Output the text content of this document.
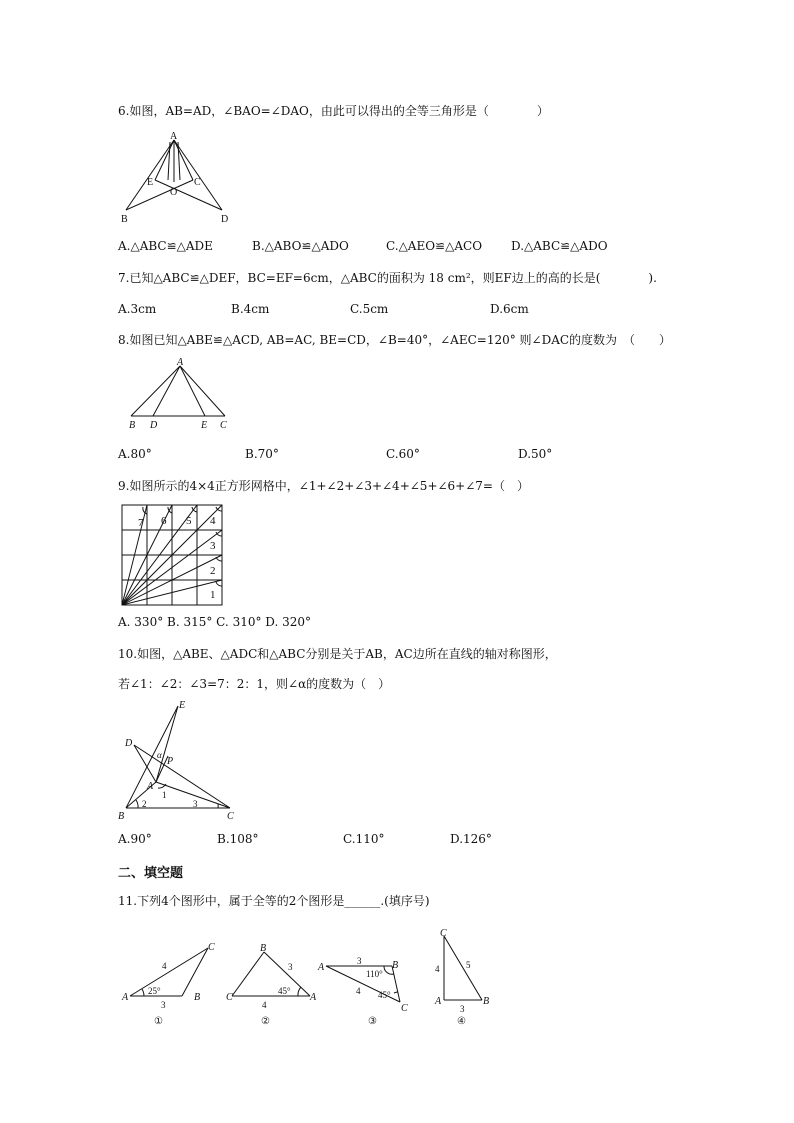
6.如图，AB=AD，∠BAO=∠DAO，由此可以得出的全等三角形是（　　　　）
A
E	C
O
B	D
A.△ABC≌△ADE	B.△ABO≌△ADO	C.△AEO≌△ACO D.△ABC≌△ADO
7.已知△ABC≌△DEF，BC=EF=6cm，△ABC的面积为 18 cm²，则EF边上的高的长是(　　　　).
A.3cm	B.4cm	C.5cm	D.6cm
8.如图已知△ABE≌△ACD, AB=AC, BE=CD，∠B=40°，∠AEC=120° 则∠DAC的度数为　（　　）
A
B D	E C
A.80°	B.70°	C.60°	D.50°
9.如图所示的4×4正方形网格中，∠1+∠2+∠3+∠4+∠5+∠6+∠7=（　）
1
2
3
4
5
6
7
A. 330° B. 315° C. 310° D. 320°
10.如图，△ABE、△ADC和△ABC分别是关于AB，AC边所在直线的轴对称图形，
若∠1：∠2：∠3=7：2：1，则∠α的度数为（　）
E
D
α
P
A
1
2	3
B	C
A.90°	B.108°	C.110°	D.126°
二、填空题
11.下列4个图形中，属于全等的2个图形是______.(填序号)
A	B
C
4
3
25°
①
B
C	A
3
4
45°
②
A	B
C
3
4
110°
45°
③
C
A	B
4	5
3
④
